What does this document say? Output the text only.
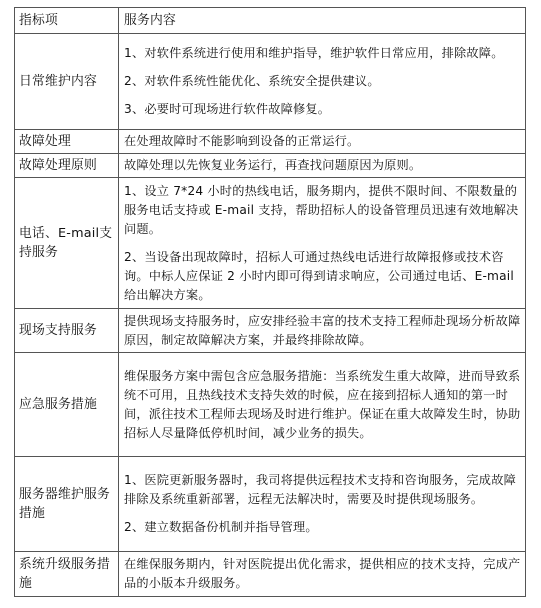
指标项	服务内容
日常维护内容	1、对软件系统进行使用和维护指导，维护软件日常应用，排除故障。

2、对软件系统性能优化、系统安全提供建议。

3、必要时可现场进行软件故障修复。

故障处理	在处理故障时不能影响到设备的正常运行。

故障处理原则	故障处理以先恢复业务运行，再查找问题原因为原则。

电话、E-mail支持服务	1、设立 7*24 小时的热线电话，服务期内，提供不限时间、不限数量的服务电话支持或 E-mail 支持，帮助招标人的设备管理员迅速有效地解决问题。

2、当设备出现故障时，招标人可通过热线电话进行故障报修或技术咨询。中标人应保证 2 小时内即可得到请求响应，公司通过电话、E-mail 给出解决方案。

现场支持服务	提供现场支持服务时，应安排经验丰富的技术支持工程师赴现场分析故障原因，制定故障解决方案，并最终排除故障。

应急服务措施	维保服务方案中需包含应急服务措施：当系统发生重大故障，进而导致系统不可用，且热线技术支持失效的时候，应在接到招标人通知的第一时间，派往技术工程师去现场及时进行维护。保证在重大故障发生时，协助招标人尽量降低停机时间，减少业务的损失。

服务器维护服务措施	1、医院更新服务器时，我司将提供远程技术支持和咨询服务，完成故障排除及系统重新部署，远程无法解决时，需要及时提供现场服务。

2、建立数据备份机制并指导管理。

系统升级服务措施	在维保服务期内，针对医院提出优化需求，提供相应的技术支持，完成产品的小版本升级服务。
